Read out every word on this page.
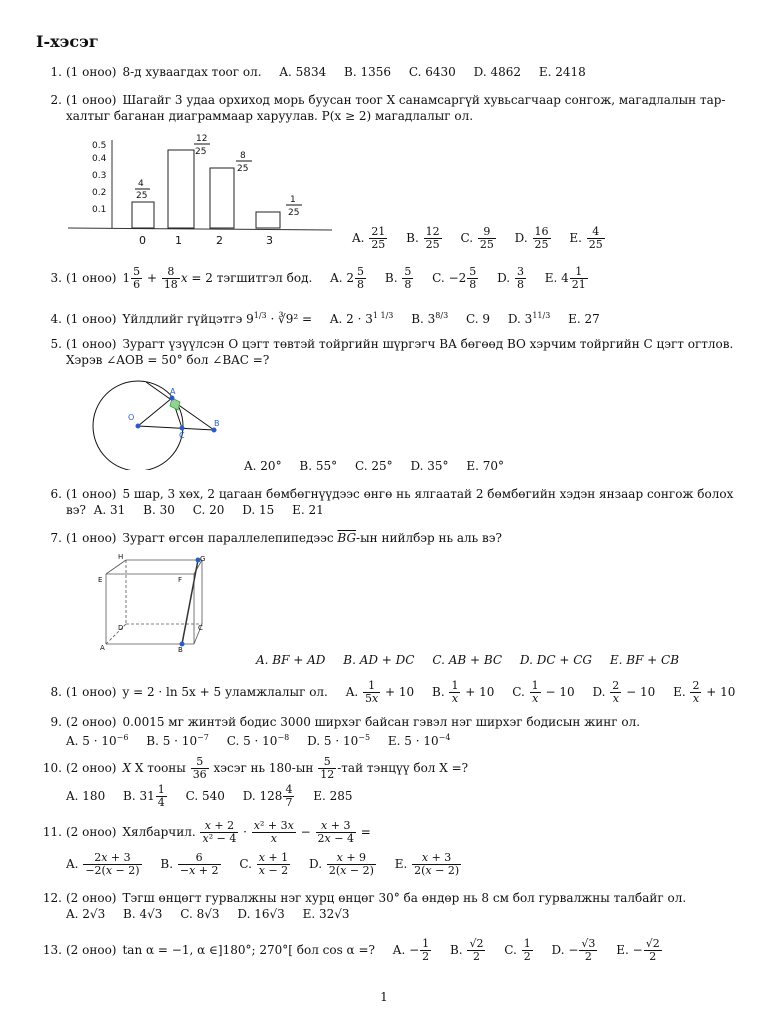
I-хэсэг
1. (1 оноо) 8-д хуваагдах тоог ол. A. 5834 B. 1356 C. 6430 D. 4862 E. 2418
2. (1 оноо) Шагайг 3 удаа орхиход морь буусан тоог X санамсаргүй хувьсагчаар сонгож, магадлалын тар-
халтыг баганан диаграммаар харуулав. P(x ≥ 2) магадлалыг ол.
0.5
0.4
0.3
0.2
0.1
0	1	2	3
4
25
12
25	8
25
1
25
A. $\frac{21}{25} B$. $\frac{12}{25} C$. $\frac{9}{25} D$. $\frac{16}{25} E$. $\frac{4}{25}$
3. (1 оноо) $1 \frac{5}{6} + \frac{8}{18}$ x = 2 тэгшитгэл бод. A. $2 \frac{5}{8} B$. $\frac{5}{8} C$. $-2 \frac{5}{8} D$. $\frac{3}{8} E$. $4 \frac{1}{21}$
4. (1 оноо) Үйлдлийг гүйцэтгэ $9^{1/3}$ · ∛9² = A. $2 \cdot 3^{1 1/3}$ B. $3^{8/3}$ C. 9 D. $3^{11/3}$ E. 27
5. (1 оноо) Зурагт үзүүлсэн O цэгт төвтэй тойргийн шүргэгч BA бөгөөд BO хэрчим тойргийн C цэгт огтлов.
Хэрэв ∠AOB = 50° бол ∠BAC =?
O
A
B
C
A. 20° B. 55° C. 25° D. 35° E. 70°
6. (1 оноо) 5 шар, 3 хөх, 2 цагаан бөмбөгнүүдээс өнгө нь ялгаатай 2 бөмбөгийн хэдэн янзаар сонгож болох
вэ? A. 31 B. 30 C. 20 D. 15 E. 21
7. (1 оноо) Зурагт өгсөн параллелепипедээс $\overline{BG}-ын$ нийлбэр нь аль вэ?
H	G
E	F
D	C
A	B
A. BF + AD B. AD + DC C. AB + BC D. DC + CG E. BF + CB
8. (1 оноо) y = 2 · ln 5x + 5 уламжлалыг ол. A. $\frac{1}{5x} + 10$ B. $\frac{1}{x} + 10$ C. $\frac{1}{x} - 10$ D. $\frac{2}{x} - 10$ E. $\frac{2}{x} + 10$
9. (2 оноо) 0.0015 мг жинтэй бодис 3000 ширхэг байсан гэвэл нэг ширхэг бодисын жинг ол.
A. $5 \cdot 10^{-6}$ B. $5 \cdot 10^{-7}$ C. $5 \cdot 10^{-8}$ D. $5 \cdot 10^{-5}$ E. $5 \cdot 10^{-4}$
10. (2 оноо) X X тооны $\frac{5}{36}$ хэсэг нь $180-ын \frac{5}{12} -тай$ тэнцүү бол X =?
A. 180 B. $31 \frac{1}{4} C$. 540 D. $128 \frac{4}{7} E$. 285
11. (2 оноо) Хялбарчил. $\frac{x + 2}{\text{x² − 4}} \cdot \frac{\text{x² + 3x}}{x} - \frac{x + 3}{2x - 4}$ =
A. $\frac{2x + 3}{-2(x - 2)} B$. $\frac{6}{-x + 2} C$. $\frac{x + 1}{x - 2} D$. $\frac{x + 9}{2(x - 2)} E$. $\frac{x + 3}{2(x - 2)}$
12. (2 оноо) Тэгш өнцөгт гурвалжны нэг хурц өнцөг 30° ба өндөр нь 8 см бол гурвалжны талбайг ол.
A. 2√3 B. 4√3 C. 8√3 D. 16√3 E. 32√3
13. (2 оноо) tan α = −1, α ∈]180°; 270°[ бол cos α =? A. − $\frac{1}{2} B$. $\frac{√2}{2} C$. $\frac{1}{2} D$. − $\frac{√3}{2} E$. − $\frac{√2}{2}$
1
